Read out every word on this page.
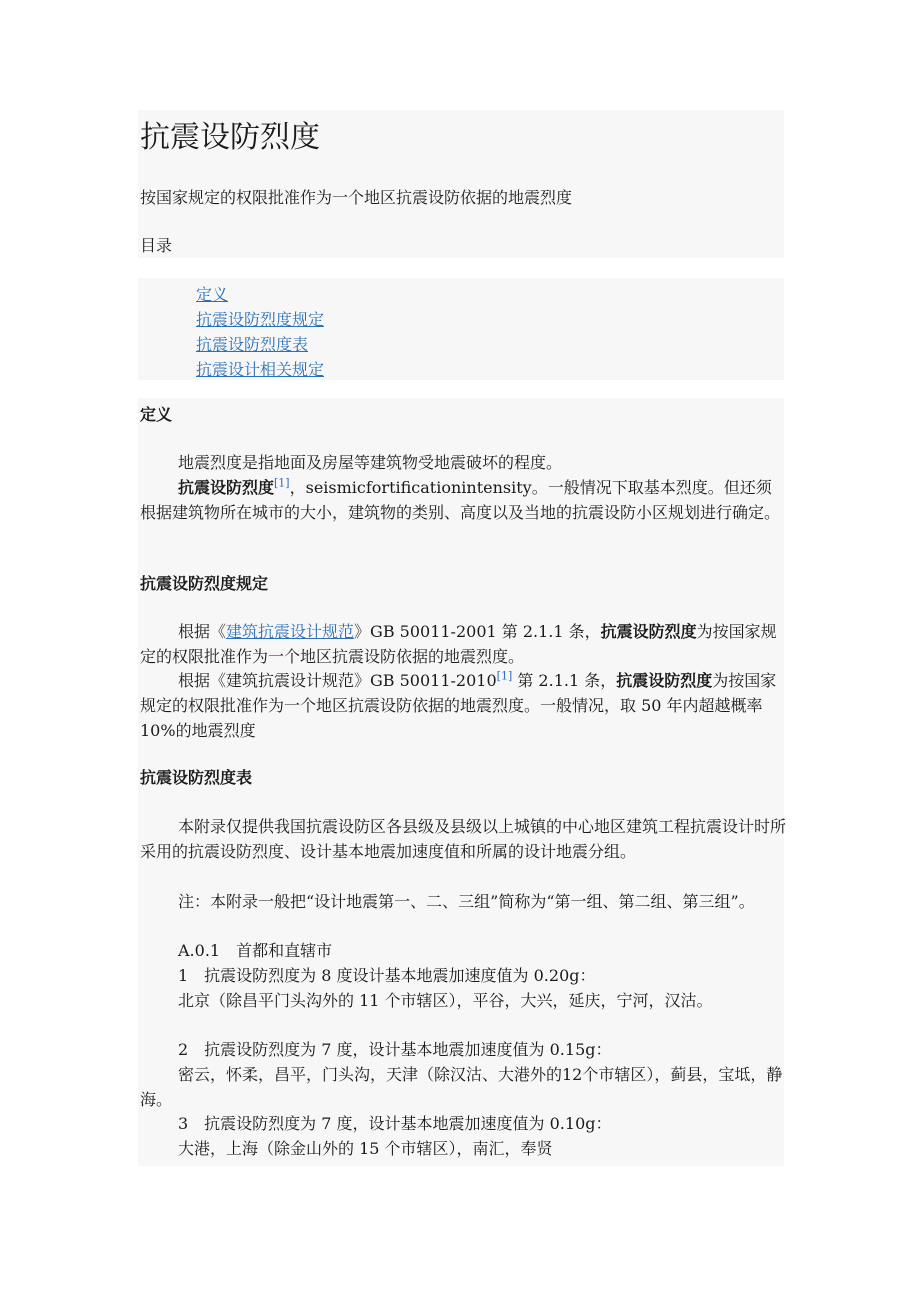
抗震设防烈度
按国家规定的权限批准作为一个地区抗震设防依据的地震烈度
目录
定义
抗震设防烈度规定
抗震设防烈度表
抗震设计相关规定
定义

地震烈度是指地面及房屋等建筑物受地震破坏的程度。

抗震设防烈度[1]，seismicfortificationintensity。一般情况下取基本烈度。但还须根据建筑物所在城市的大小，建筑物的类别、高度以及当地的抗震设防小区规划进行确定。

抗震设防烈度规定

根据《建筑抗震设计规范》GB 50011-2001 第 2.1.1 条，抗震设防烈度为按国家规定的权限批准作为一个地区抗震设防依据的地震烈度。

根据《建筑抗震设计规范》GB 50011-2010[1] 第 2.1.1 条，抗震设防烈度为按国家规定的权限批准作为一个地区抗震设防依据的地震烈度。一般情况，取 50 年内超越概率 10%的地震烈度

抗震设防烈度表

本附录仅提供我国抗震设防区各县级及县级以上城镇的中心地区建筑工程抗震设计时所采用的抗震设防烈度、设计基本地震加速度值和所属的设计地震分组。

注：本附录一般把“设计地震第一、二、三组”简称为“第一组、第二组、第三组”。

A.0.1　首都和直辖市

1　抗震设防烈度为 8 度设计基本地震加速度值为 0.20g：

北京（除昌平门头沟外的 11 个市辖区），平谷，大兴，延庆，宁河，汉沽。

2　抗震设防烈度为 7 度，设计基本地震加速度值为 0.15g：

密云，怀柔，昌平，门头沟，天津（除汉沽、大港外的12个市辖区），蓟县，宝坻，静海。

3　抗震设防烈度为 7 度，设计基本地震加速度值为 0.10g：

大港，上海（除金山外的 15 个市辖区），南汇，奉贤
